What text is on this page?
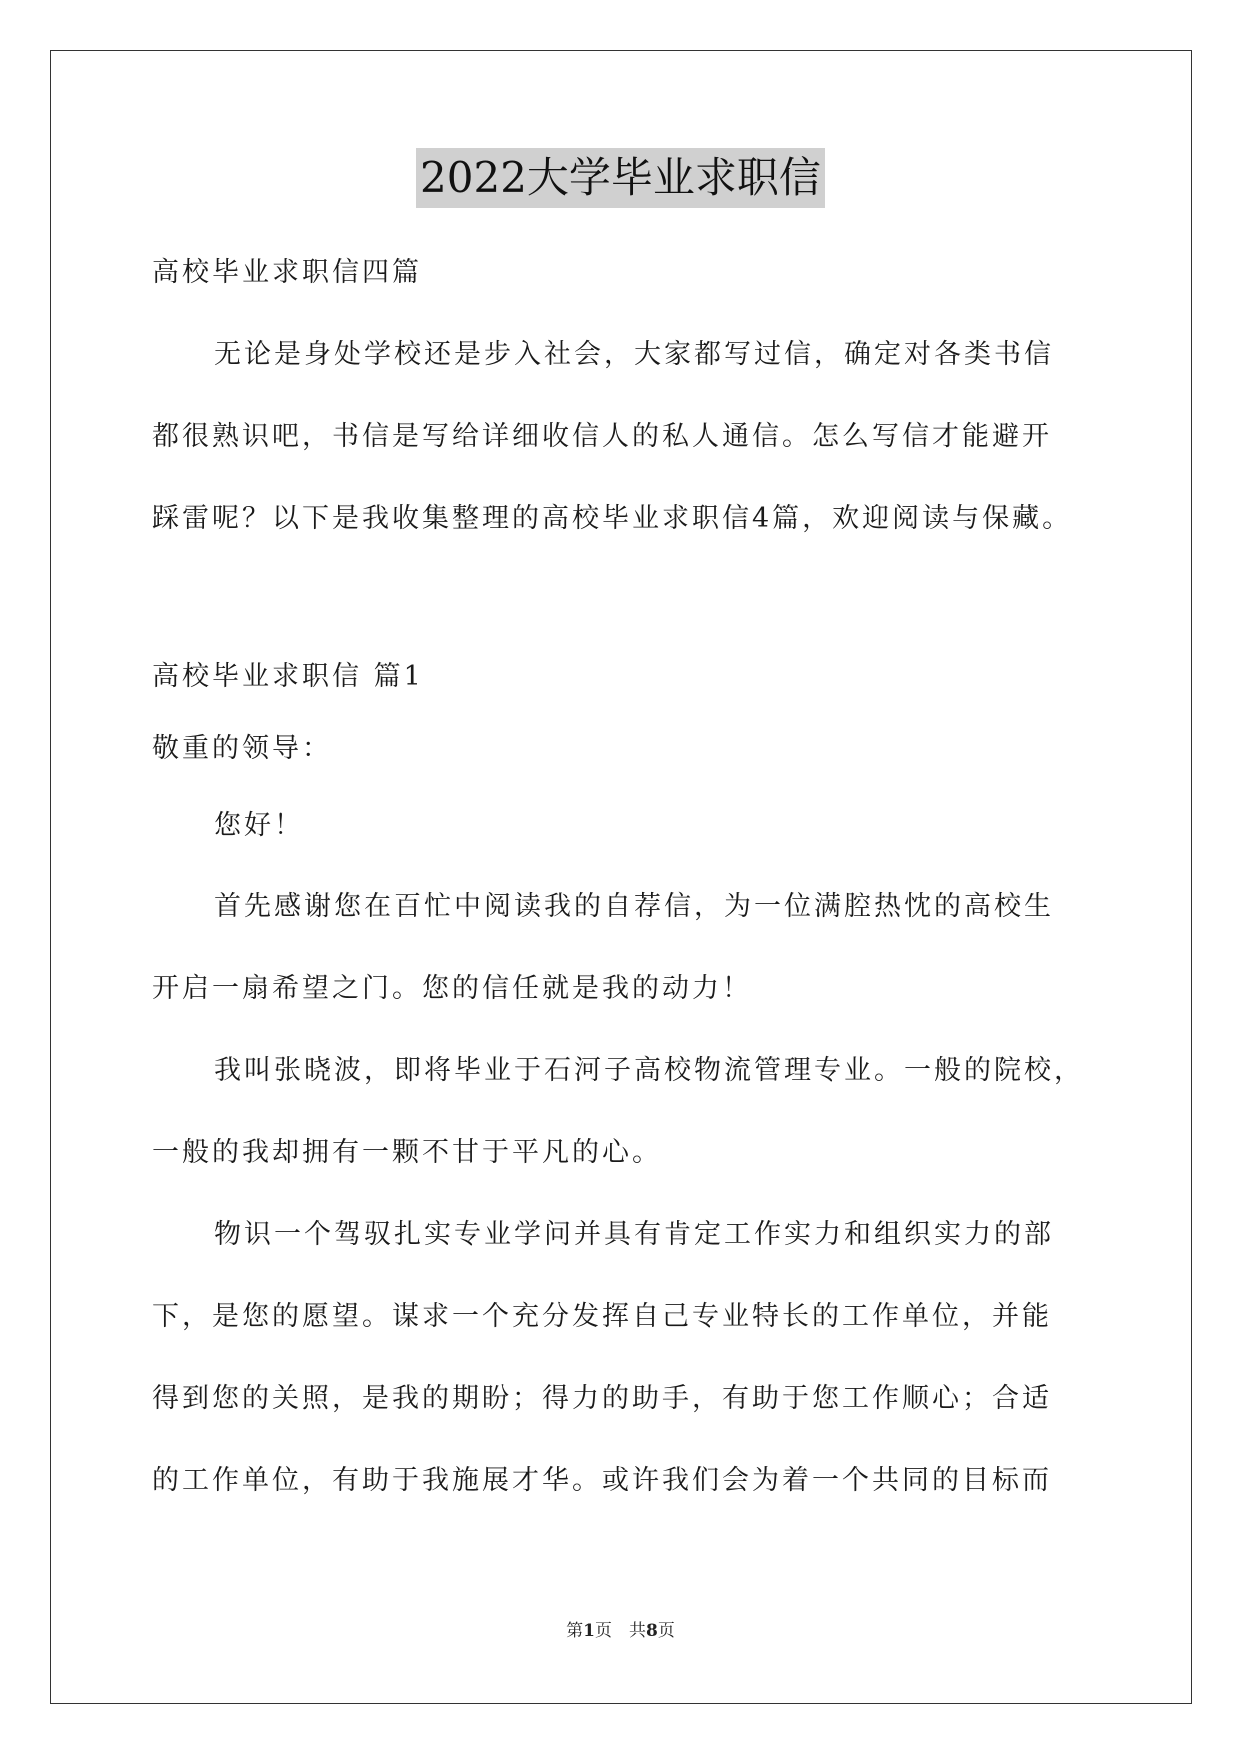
2022大学毕业求职信

高校毕业求职信四篇

无论是身处学校还是步入社会，大家都写过信，确定对各类书信

都很熟识吧，书信是写给详细收信人的私人通信。怎么写信才能避开

踩雷呢？以下是我收集整理的高校毕业求职信4篇，欢迎阅读与保藏。

高校毕业求职信 篇1

敬重的领导：

您好！

首先感谢您在百忙中阅读我的自荐信，为一位满腔热忱的高校生

开启一扇希望之门。您的信任就是我的动力！

我叫张晓波，即将毕业于石河子高校物流管理专业。一般的院校，

一般的我却拥有一颗不甘于平凡的心。

物识一个驾驭扎实专业学问并具有肯定工作实力和组织实力的部

下，是您的愿望。谋求一个充分发挥自己专业特长的工作单位，并能

得到您的关照，是我的期盼；得力的助手，有助于您工作顺心；合适

的工作单位，有助于我施展才华。或许我们会为着一个共同的目标而

第1页　共8页
